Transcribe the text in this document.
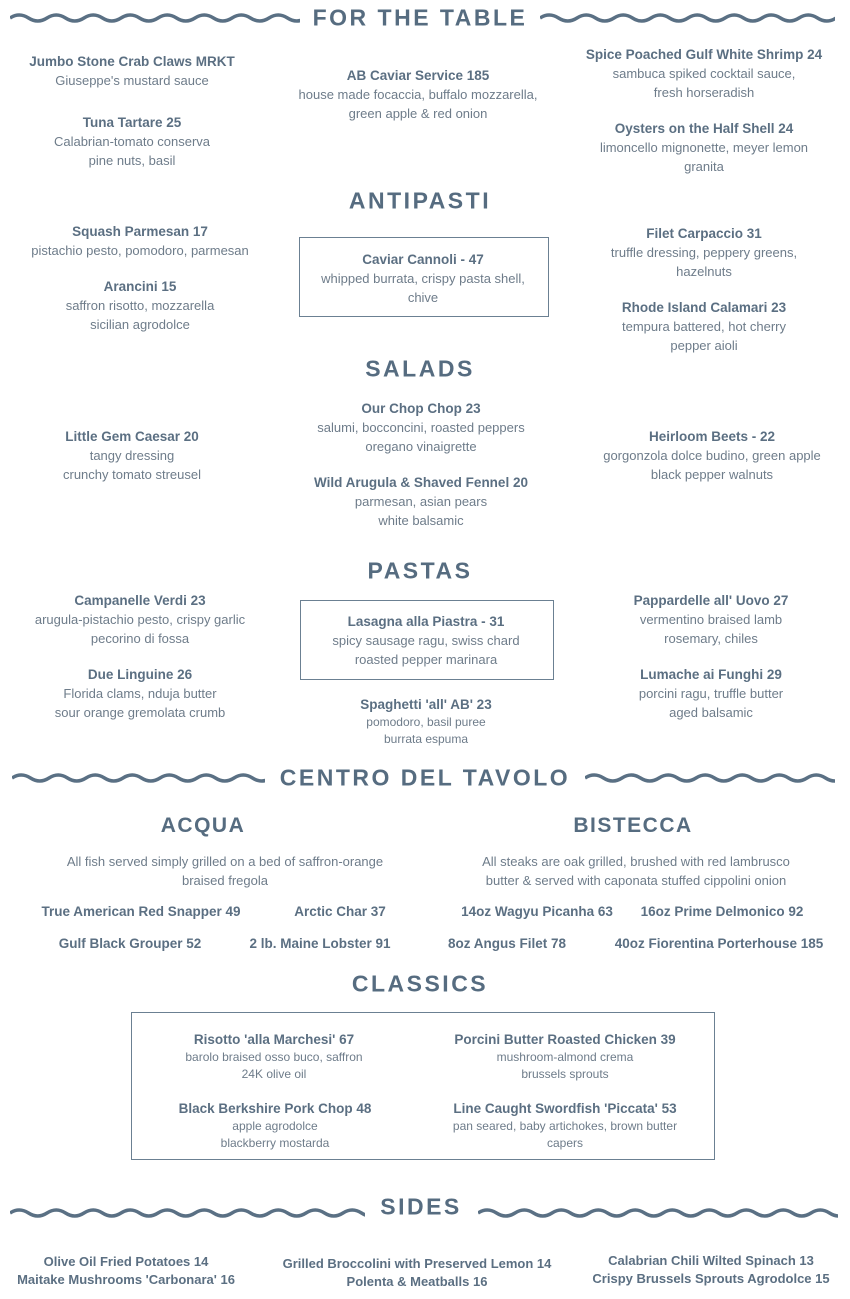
FOR THE TABLE
Jumbo Stone Crab Claws MRKT
Giuseppe's mustard sauce
Tuna Tartare 25
Calabrian-tomato conserva
pine nuts, basil
AB Caviar Service 185
house made focaccia, buffalo mozzarella,
green apple & red onion
Spice Poached Gulf White Shrimp 24
sambuca spiked cocktail sauce,
fresh horseradish
Oysters on the Half Shell 24
limoncello mignonette, meyer lemon
granita
ANTIPASTI
Squash Parmesan 17
pistachio pesto, pomodoro, parmesan
Arancini 15
saffron risotto, mozzarella
sicilian agrodolce
Caviar Cannoli - 47
whipped burrata, crispy pasta shell,
chive
Filet Carpaccio 31
truffle dressing, peppery greens,
hazelnuts
Rhode Island Calamari 23
tempura battered, hot cherry
pepper aioli
SALADS
Little Gem Caesar 20
tangy dressing
crunchy tomato streusel
Our Chop Chop 23
salumi, bocconcini, roasted peppers
oregano vinaigrette
Wild Arugula & Shaved Fennel 20
parmesan, asian pears
white balsamic
Heirloom Beets - 22
gorgonzola dolce budino, green apple
black pepper walnuts
PASTAS
Campanelle Verdi 23
arugula-pistachio pesto, crispy garlic
pecorino di fossa
Due Linguine 26
Florida clams, nduja butter
sour orange gremolata crumb
Lasagna alla Piastra - 31
spicy sausage ragu, swiss chard
roasted pepper marinara
Spaghetti 'all' AB' 23
pomodoro, basil puree
burrata espuma
Pappardelle all' Uovo 27
vermentino braised lamb
rosemary, chiles
Lumache ai Funghi 29
porcini ragu, truffle butter
aged balsamic
CENTRO DEL TAVOLO
ACQUA	BISTECCA
All fish served simply grilled on a bed of saffron-orange
braised fregola
All steaks are oak grilled, brushed with red lambrusco
butter & served with caponata stuffed cippolini onion
True American Red Snapper 49	Arctic Char 37
Gulf Black Grouper 52	2 lb. Maine Lobster 91
14oz Wagyu Picanha 63 16oz Prime Delmonico 92
8oz Angus Filet 78	40oz Fiorentina Porterhouse 185
CLASSICS
Risotto 'alla Marchesi' 67
barolo braised osso buco, saffron
24K olive oil
Porcini Butter Roasted Chicken 39
mushroom-almond crema
brussels sprouts
Black Berkshire Pork Chop 48
apple agrodolce
blackberry mostarda
Line Caught Swordfish 'Piccata' 53
pan seared, baby artichokes, brown butter
capers
SIDES
Olive Oil Fried Potatoes 14
Maitake Mushrooms 'Carbonara' 16
Grilled Broccolini with Preserved Lemon 14
Polenta & Meatballs 16
Calabrian Chili Wilted Spinach 13
Crispy Brussels Sprouts Agrodolce 15
